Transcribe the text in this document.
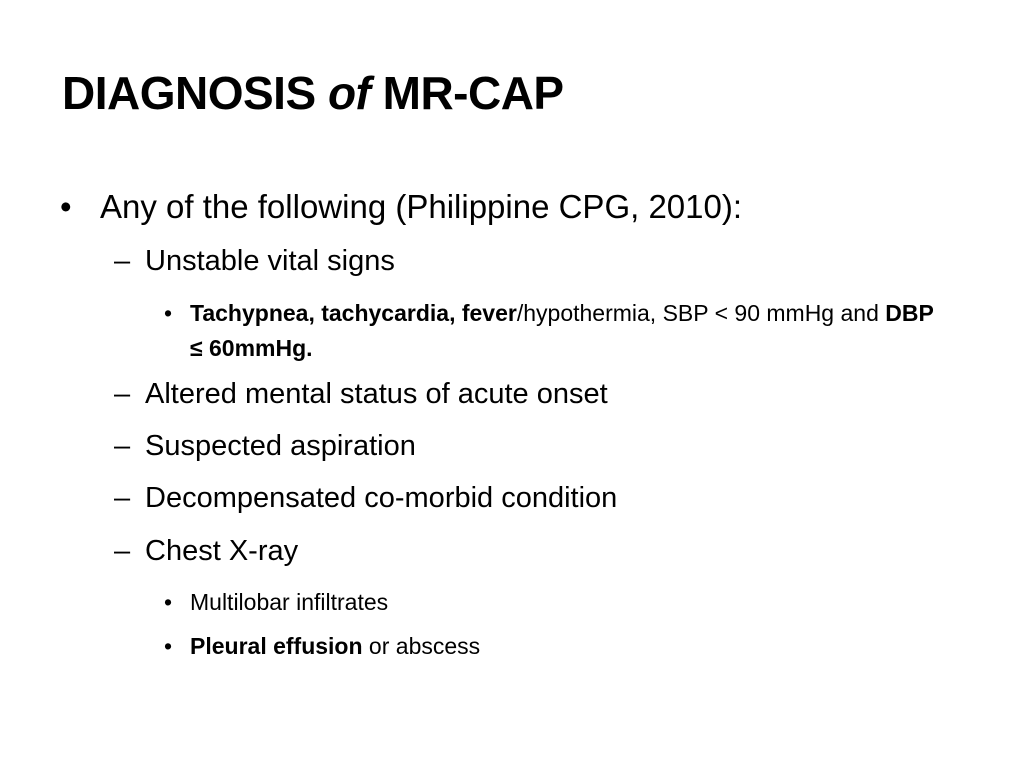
DIAGNOSIS of MR-CAP
• Any of the following (Philippine CPG, 2010):
– Unstable vital signs
• Tachypnea, tachycardia, fever/hypothermia, SBP < 90 mmHg and DBP ≤ 60mmHg.
– Altered mental status of acute onset
– Suspected aspiration
– Decompensated co-morbid condition
– Chest X-ray
• Multilobar infiltrates
• Pleural effusion or abscess
